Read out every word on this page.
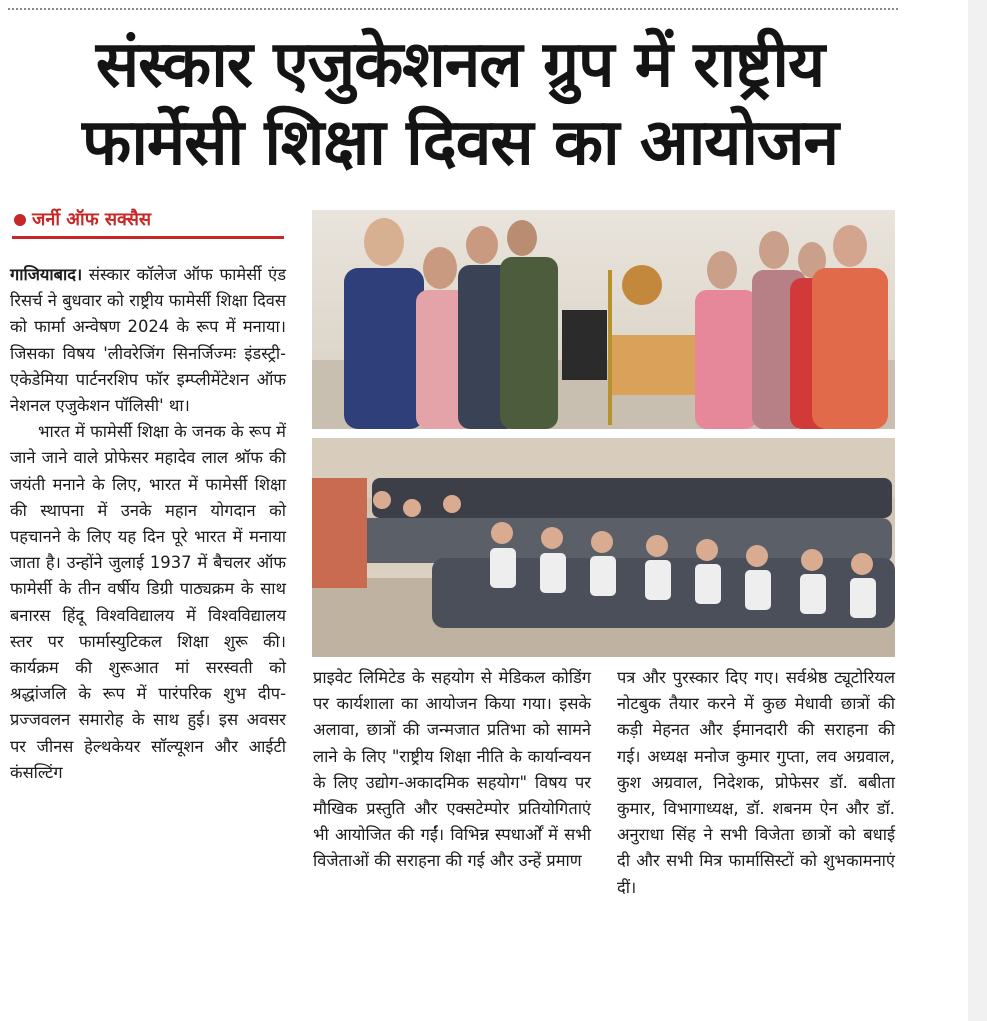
संस्कार एजुकेशनल ग्रुप में राष्ट्रीय
फार्मेसी शिक्षा दिवस का आयोजन
जर्नी ऑफ सक्सैस

गाजियाबाद। संस्कार कॉलेज ऑफ फामेर्सी एंड रिसर्च ने बुधवार को राष्ट्रीय फामेर्सी शिक्षा दिवस को फार्मा अन्वेषण 2024 के रूप में मनाया। जिसका विषय 'लीवरेजिंग सिनर्जिज्मः इंडस्ट्री-एकेडेमिया पार्टनरशिप फॉर इम्प्लीमेंटेशन ऑफ नेशनल एजुकेशन पॉलिसी' था।

भारत में फामेर्सी शिक्षा के जनक के रूप में जाने जाने वाले प्रोफेसर महादेव लाल श्रॉफ की जयंती मनाने के लिए, भारत में फामेर्सी शिक्षा की स्थापना में उनके महान योगदान को पहचानने के लिए यह दिन पूरे भारत में मनाया जाता है। उन्होंने जुलाई 1937 में बैचलर ऑफ फामेर्सी के तीन वर्षीय डिग्री पाठ्यक्रम के साथ बनारस हिंदू विश्वविद्यालय में विश्वविद्यालय स्तर पर फार्मास्युटिकल शिक्षा शुरू की। कार्यक्रम की शुरूआत मां सरस्वती को श्रद्धांजलि के रूप में पारंपरिक शुभ दीप-प्रज्जवलन समारोह के साथ हुई। इस अवसर पर जीनस हेल्थकेयर सॉल्यूशन और आईटी कंसल्टिंग

प्राइवेट लिमिटेड के सहयोग से मेडिकल कोडिंग पर कार्यशाला का आयोजन किया गया। इसके अलावा, छात्रों की जन्मजात प्रतिभा को सामने लाने के लिए "राष्ट्रीय शिक्षा नीति के कार्यान्वयन के लिए उद्योग-अकादमिक सहयोग" विषय पर मौखिक प्रस्तुति और एक्सटेम्पोर प्रतियोगिताएं भी आयोजित की गईं। विभिन्न स्पधार्ओं में सभी विजेताओं की सराहना की गई और उन्हें प्रमाण

पत्र और पुरस्कार दिए गए। सर्वश्रेष्ठ ट्यूटोरियल नोटबुक तैयार करने में कुछ मेधावी छात्रों की कड़ी मेहनत और ईमानदारी की सराहना की गई। अध्यक्ष मनोज कुमार गुप्ता, लव अग्रवाल, कुश अग्रवाल, निदेशक, प्रोफेसर डॉ. बबीता कुमार, विभागाध्यक्ष, डॉ. शबनम ऐन और डॉ. अनुराधा सिंह ने सभी विजेता छात्रों को बधाई दी और सभी मित्र फार्मासिस्टों को शुभकामनाएं दीं।
